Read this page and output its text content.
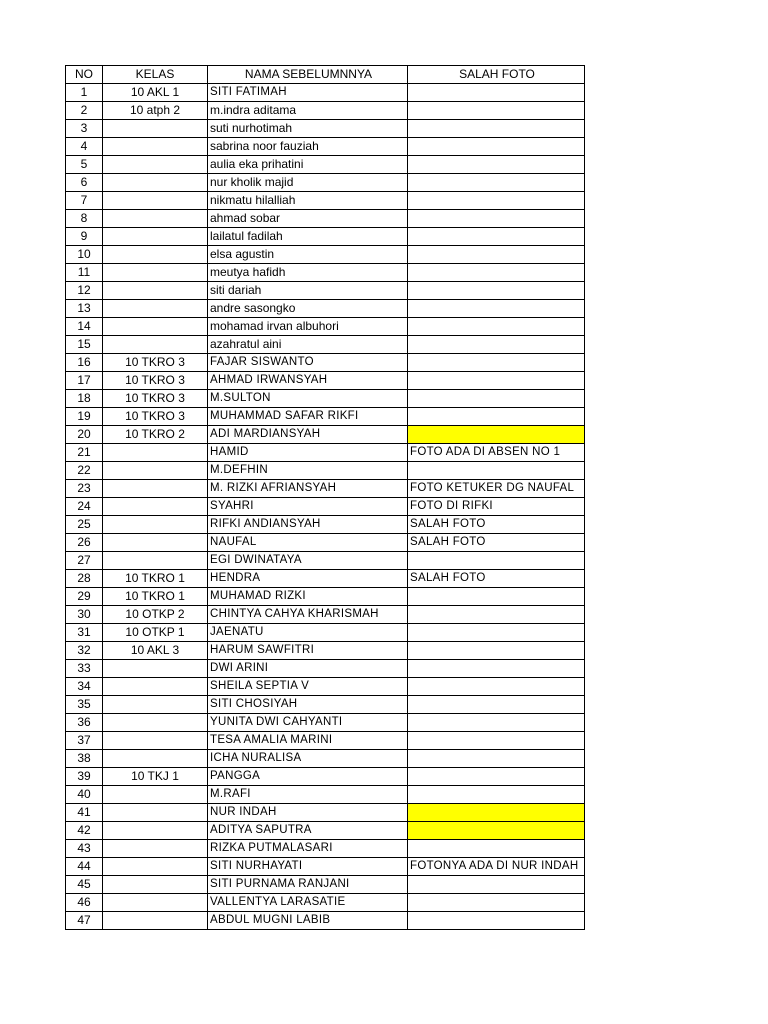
NO	KELAS	NAMA SEBELUMNNYA	SALAH FOTO
1	10 AKL 1	SITI FATIMAH	
2	10 atph 2	m.indra aditama	
3		suti nurhotimah	
4		sabrina noor fauziah	
5		aulia eka prihatini	
6		nur kholik majid	
7		nikmatu hilalliah	
8		ahmad sobar	
9		lailatul fadilah	
10		elsa agustin	
11		meutya hafidh	
12		siti dariah	
13		andre sasongko	
14		mohamad irvan albuhori	
15		azahratul aini	
16	10 TKRO 3	FAJAR SISWANTO	
17	10 TKRO 3	AHMAD IRWANSYAH	
18	10 TKRO 3	M.SULTON	
19	10 TKRO 3	MUHAMMAD SAFAR RIKFI	
20	10 TKRO 2	ADI MARDIANSYAH	
21		HAMID	FOTO ADA DI ABSEN NO 1
22		M.DEFHIN	
23		M. RIZKI AFRIANSYAH	FOTO KETUKER DG NAUFAL
24		SYAHRI	FOTO DI RIFKI
25		RIFKI ANDIANSYAH	SALAH FOTO
26		NAUFAL	SALAH FOTO
27		EGI DWINATAYA	
28	10 TKRO 1	HENDRA	SALAH FOTO
29	10 TKRO 1	MUHAMAD RIZKI	
30	10 OTKP 2	CHINTYA CAHYA KHARISMAH	
31	10 OTKP 1	JAENATU	
32	10 AKL 3	HARUM SAWFITRI	
33		DWI ARINI	
34		SHEILA SEPTIA V	
35		SITI CHOSIYAH	
36		YUNITA DWI CAHYANTI	
37		TESA AMALIA MARINI	
38		ICHA NURALISA	
39	10 TKJ 1	PANGGA	
40		M.RAFI	
41		NUR INDAH	
42		ADITYA SAPUTRA	
43		RIZKA PUTMALASARI	
44		SITI NURHAYATI	FOTONYA ADA DI NUR INDAH
45		SITI PURNAMA RANJANI	
46		VALLENTYA LARASATIE	
47		ABDUL MUGNI LABIB	
